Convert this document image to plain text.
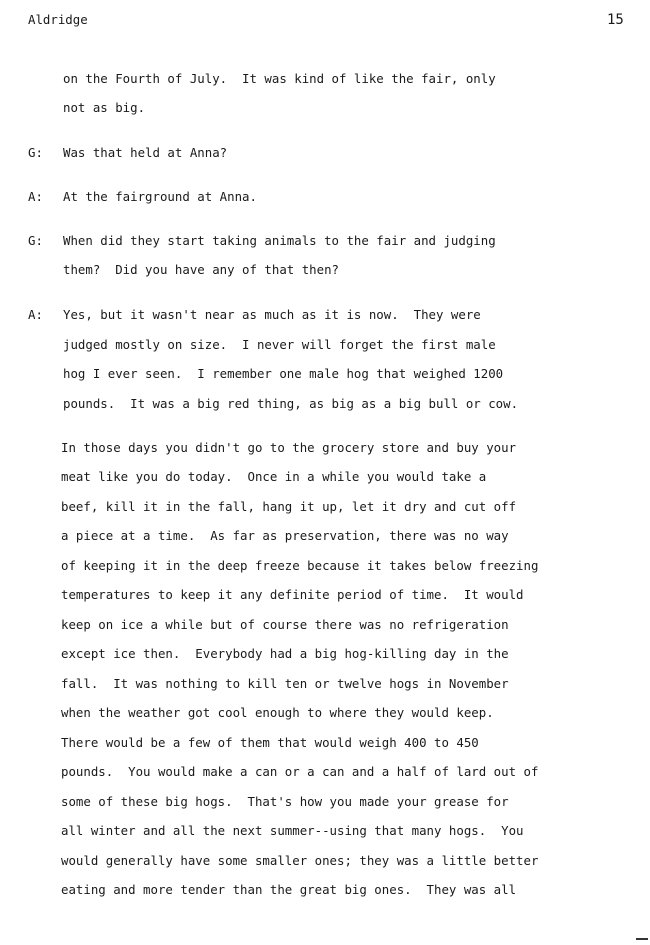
Aldridge	15
on the Fourth of July.  It was kind of like the fair, only
not as big.
G: Was that held at Anna?
A: At the fairground at Anna.
G: When did they start taking animals to the fair and judging
them?  Did you have any of that then?
A: Yes, but it wasn't near as much as it is now.  They were
judged mostly on size.  I never will forget the first male
hog I ever seen.  I remember one male hog that weighed 1200
pounds.  It was a big red thing, as big as a big bull or cow.
In those days you didn't go to the grocery store and buy your
meat like you do today.  Once in a while you would take a
beef, kill it in the fall, hang it up, let it dry and cut off
a piece at a time.  As far as preservation, there was no way
of keeping it in the deep freeze because it takes below freezing
temperatures to keep it any definite period of time.  It would
keep on ice a while but of course there was no refrigeration
except ice then.  Everybody had a big hog-killing day in the
fall.  It was nothing to kill ten or twelve hogs in November
when the weather got cool enough to where they would keep.
There would be a few of them that would weigh 400 to 450
pounds.  You would make a can or a can and a half of lard out of
some of these big hogs.  That's how you made your grease for
all winter and all the next summer--using that many hogs.  You
would generally have some smaller ones; they was a little better
eating and more tender than the great big ones.  They was all
